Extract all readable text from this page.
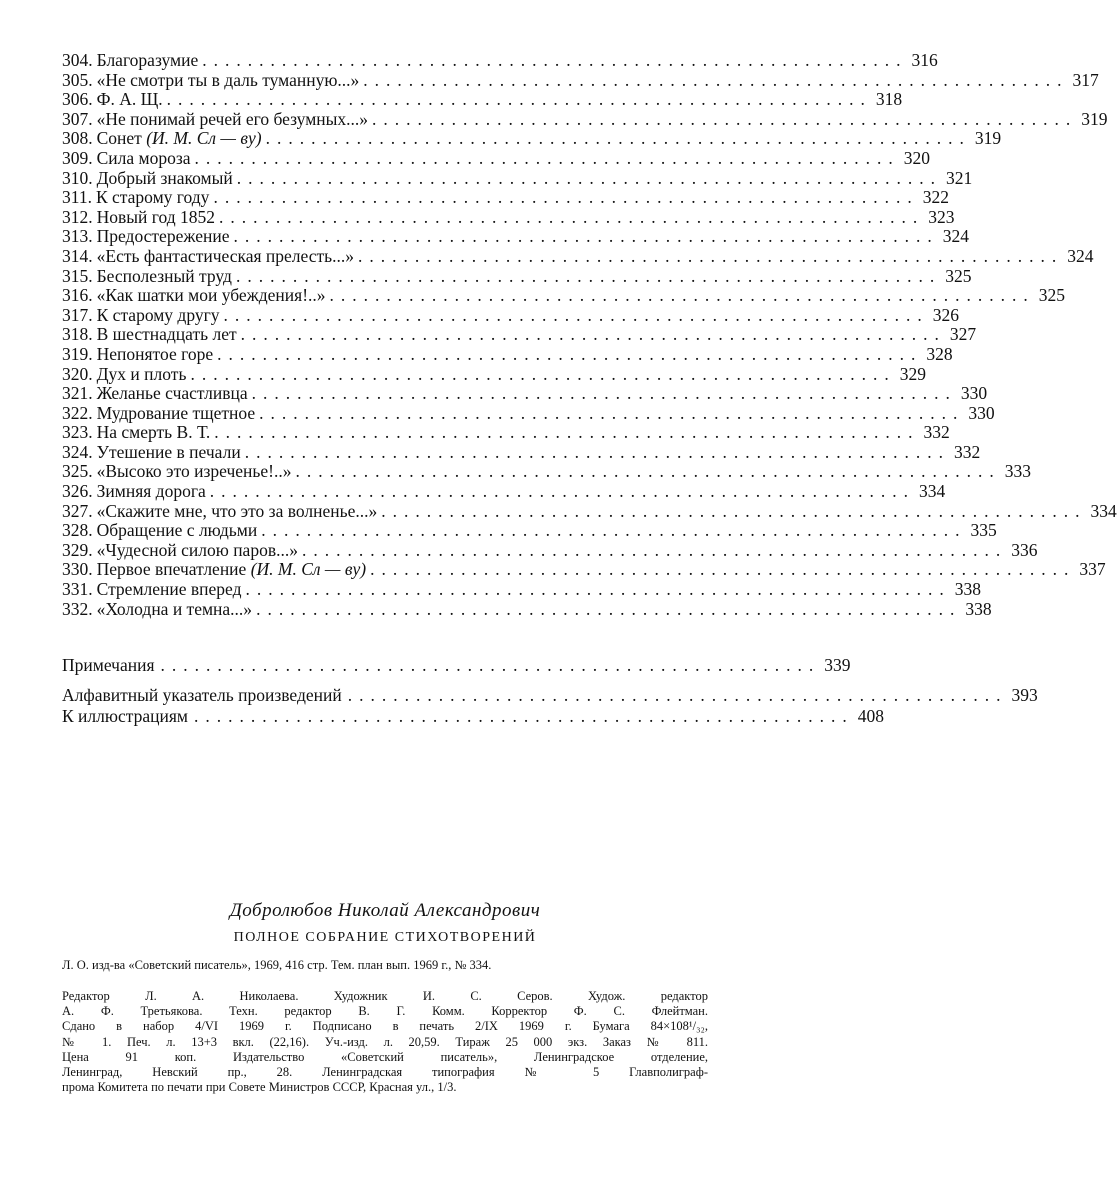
304. Благоразумие .............................................................. 316
305. «Не смотри ты в даль туманную...» .............................................................. 317
306. Ф. А. Щ. .............................................................. 318
307. «Не понимай речей его безумных...» .............................................................. 319
308. Сонет (И. М. Сл — ву) .............................................................. 319
309. Сила мороза .............................................................. 320
310. Добрый знакомый .............................................................. 321
311. К старому году .............................................................. 322
312. Новый год 1852 .............................................................. 323
313. Предостережение .............................................................. 324
314. «Есть фантастическая прелесть...» .............................................................. 324
315. Бесполезный труд .............................................................. 325
316. «Как шатки мои убеждения!..» .............................................................. 325
317. К старому другу .............................................................. 326
318. В шестнадцать лет .............................................................. 327
319. Непонятое горе .............................................................. 328
320. Дух и плоть .............................................................. 329
321. Желанье счастливца .............................................................. 330
322. Мудрование тщетное .............................................................. 330
323. На смерть В. Т. .............................................................. 332
324. Утешение в печали .............................................................. 332
325. «Высоко это изреченье!..» .............................................................. 333
326. Зимняя дорога .............................................................. 334
327. «Скажите мне, что это за волненье...» .............................................................. 334
328. Обращение с людьми .............................................................. 335
329. «Чудесной силою паров...» .............................................................. 336
330. Первое впечатление (И. М. Сл — ву) .............................................................. 337
331. Стремление вперед .............................................................. 338
332. «Холодна и темна...» .............................................................. 338
Примечания .......................................................... 339
Алфавитный указатель произведений .......................................................... 393
К иллюстрациям .......................................................... 408
Добролюбов Николай Александрович
ПОЛНОЕ СОБРАНИЕ СТИХОТВОРЕНИЙ
Л. О. изд-ва «Советский писатель», 1969, 416 стр. Тем. план вып. 1969 г., № 334.
Редактор Л. А. Николаева. Художник И. С. Серов. Худож. редактор
А. Ф. Третьякова. Техн. редактор В. Г. Комм. Корректор Ф. С. Флейтман.
Сдано в набор 4/VI 1969 г. Подписано в печать 2/IX 1969 г. Бумага 84×108¹/₃₂,
№ 1. Печ. л. 13+3 вкл. (22,16). Уч.-изд. л. 20,59. Тираж 25 000 экз. Заказ № 811.
Цена 91 коп. Издательство «Советский писатель», Ленинградское отделение,
Ленинград, Невский пр., 28. Ленинградская типография № 5 Главполиграф-
прома Комитета по печати при Совете Министров СССР, Красная ул., 1/3.
